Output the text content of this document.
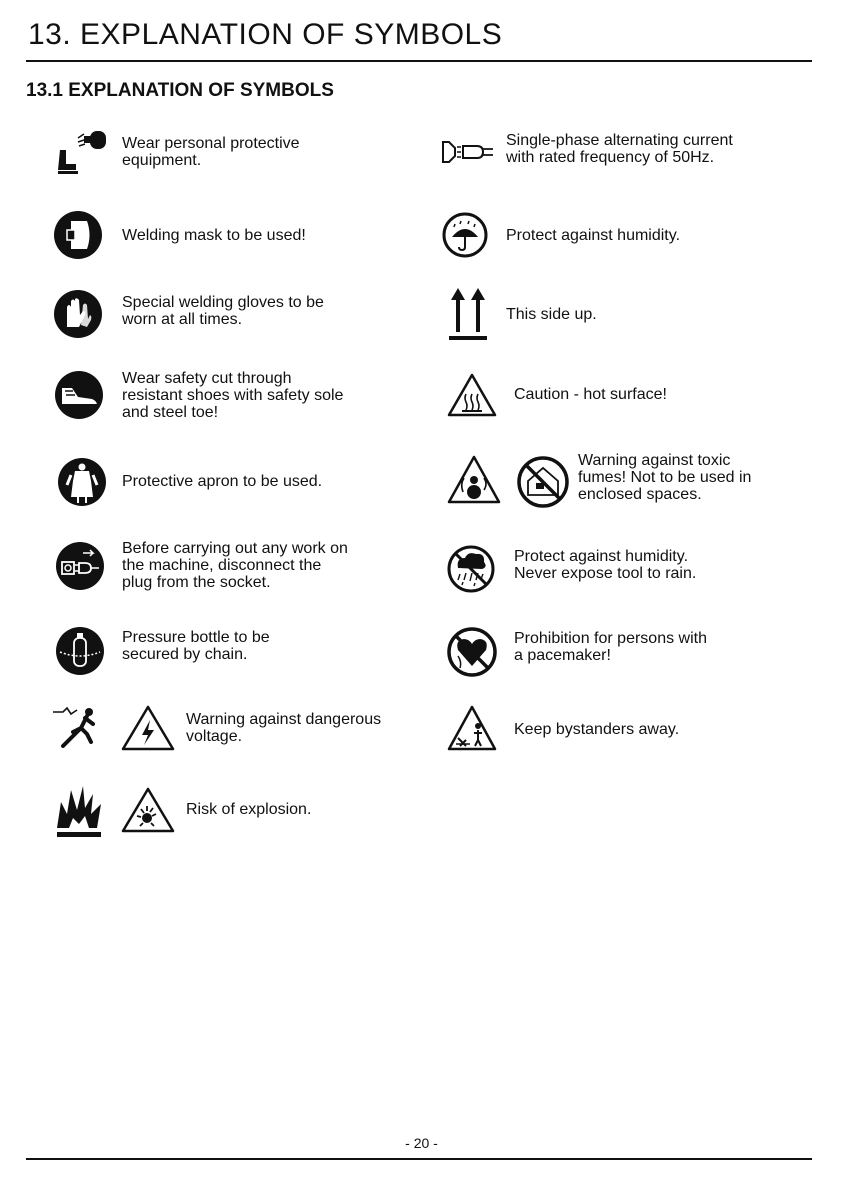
13. EXPLANATION OF SYMBOLS
13.1 EXPLANATION OF SYMBOLS
Wear personal protective
equipment.
Welding mask to be used!
Special welding gloves to be
worn at all times.
Wear safety cut through
resistant shoes with safety sole
and steel toe!
Protective apron to be used.
Before carrying out any work on
the machine, disconnect the
plug from the socket.
Pressure bottle to be
secured by chain.
Warning against dangerous
voltage.
Risk of explosion.
Single-phase alternating current
with rated frequency of 50Hz.
Protect against humidity.
This side up.
Caution - hot surface!
Warning against toxic
fumes! Not to be used in
enclosed spaces.
Protect against humidity.
Never expose tool to rain.
Prohibition for persons with
a pacemaker!
Keep bystanders away.
- 20 -
